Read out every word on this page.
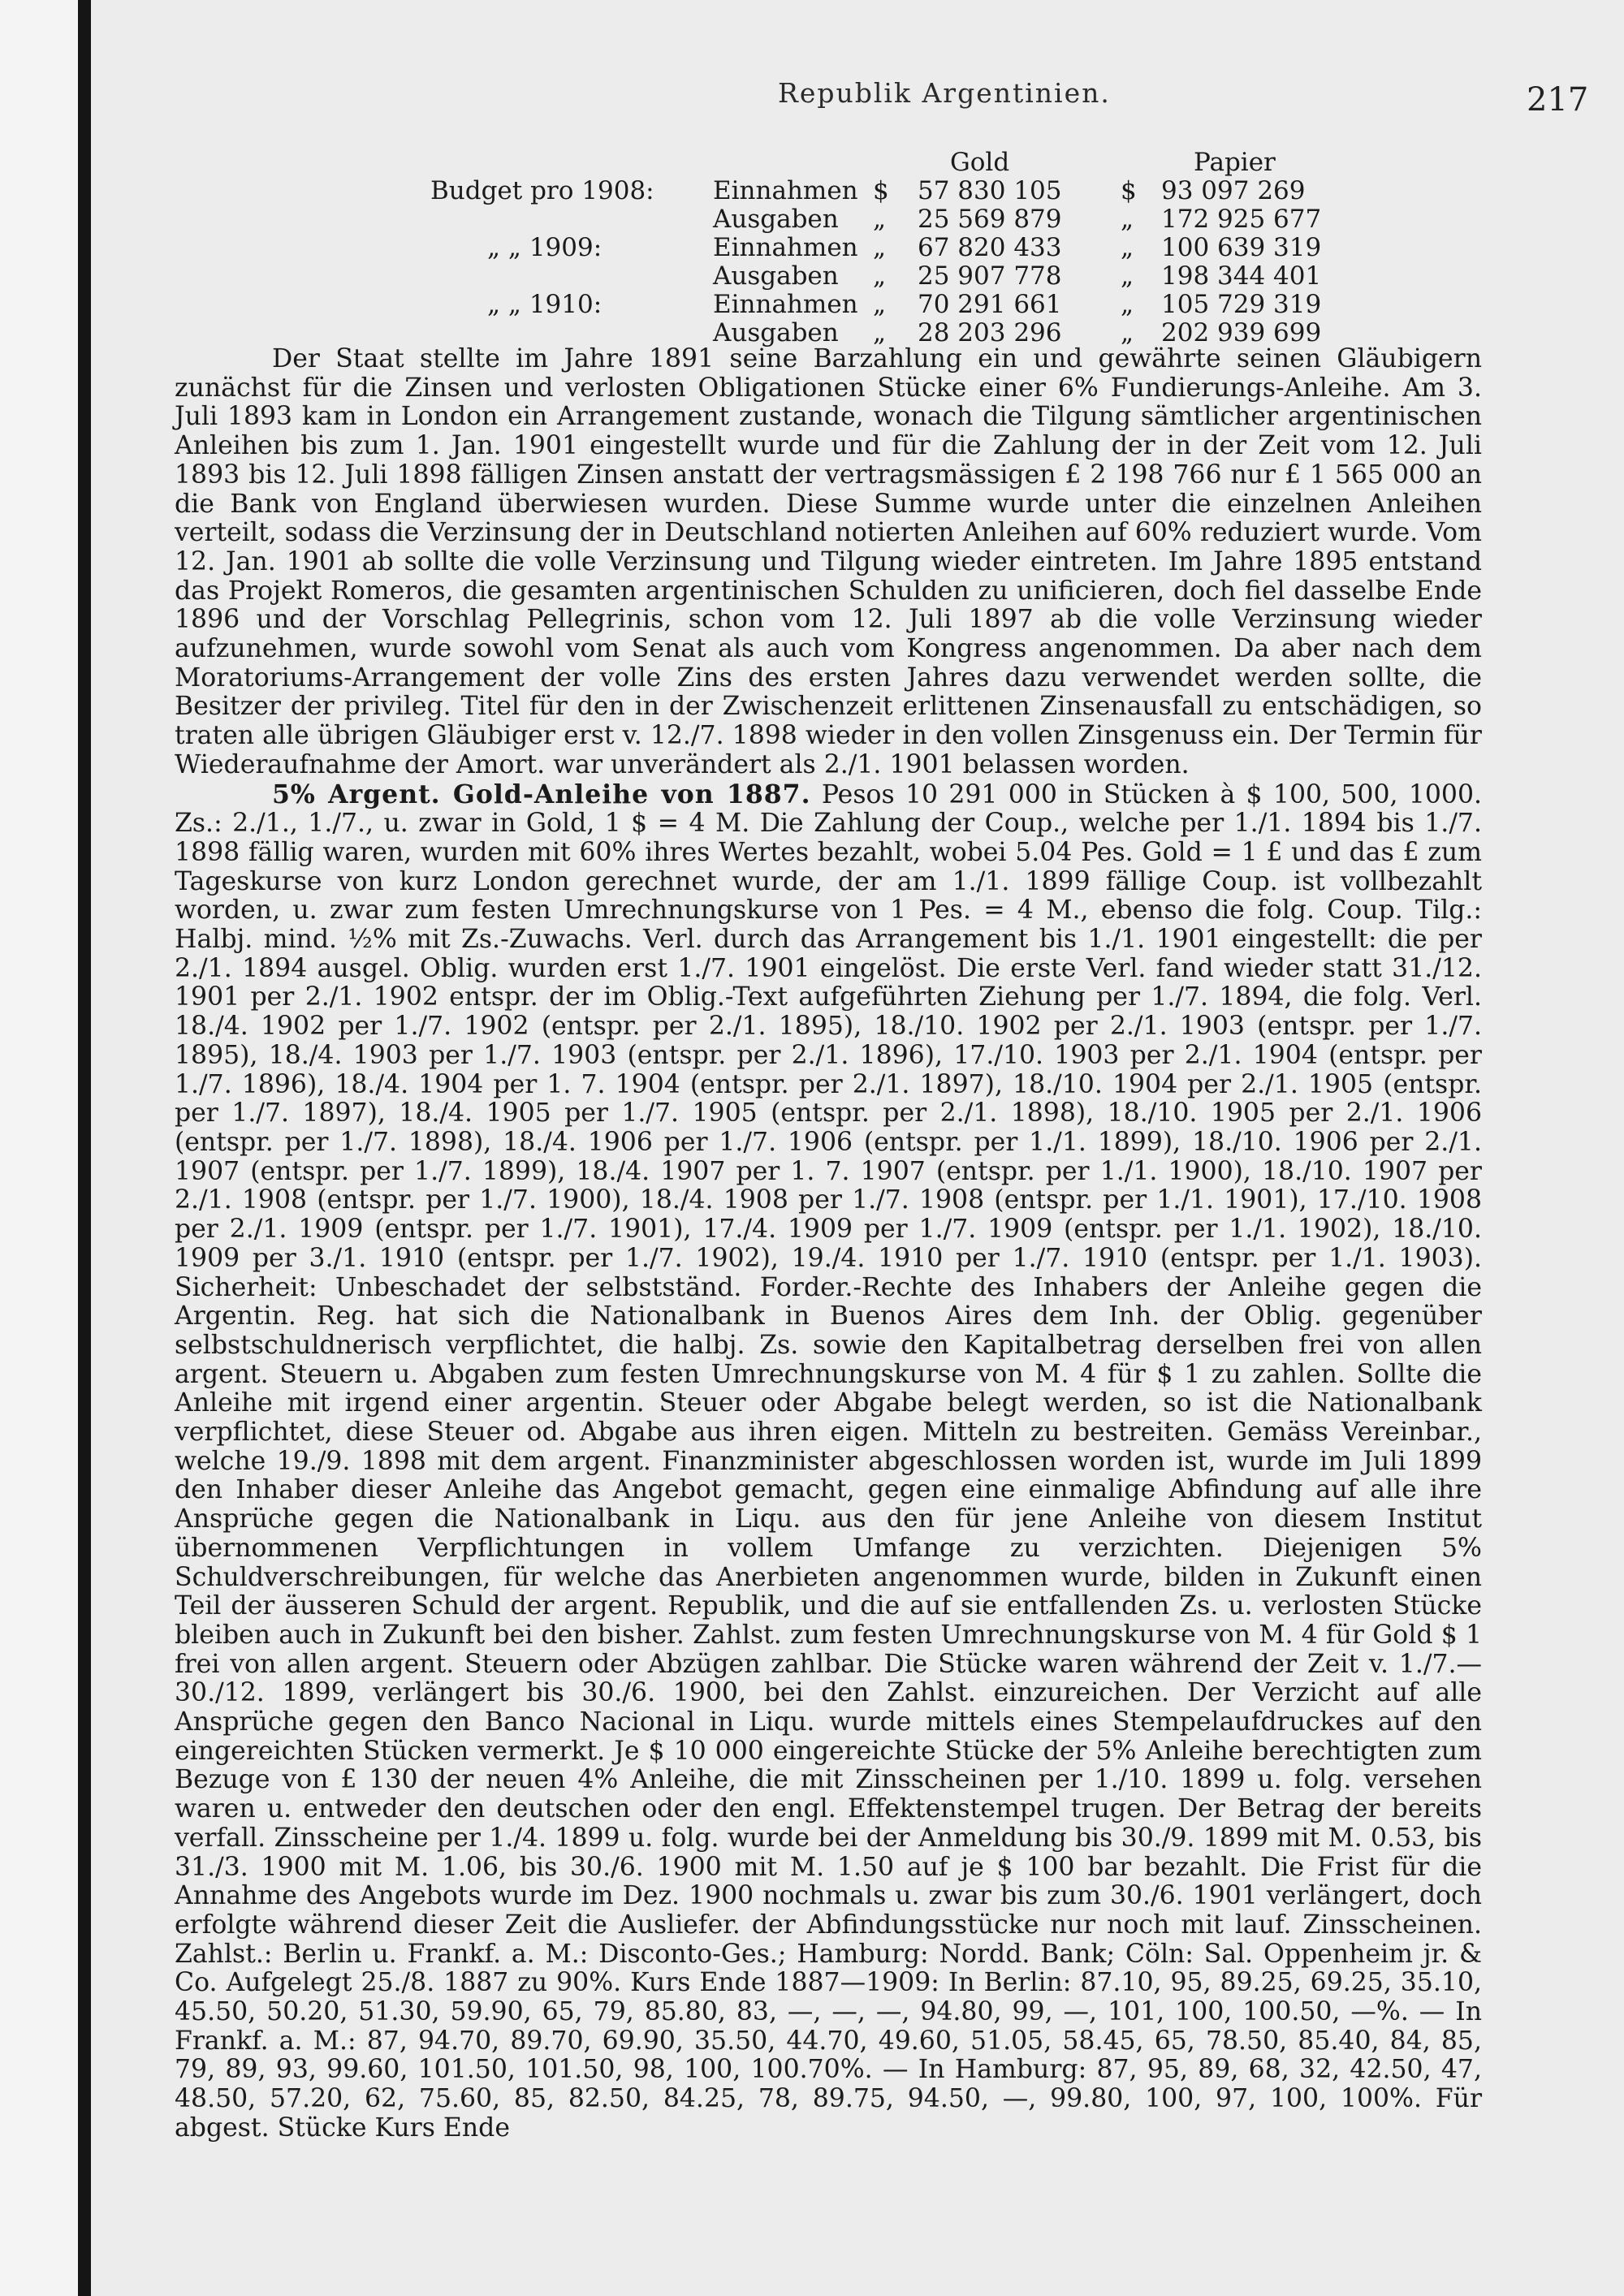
Republik Argentinien.	217
Gold	Papier
Budget pro 1908: Einnahmen $ 57 830 105 $ 93 097 269
Ausgaben „ 25 569 879 „ 172 925 677
„ „ 1909:	Einnahmen „ 67 820 433 „ 100 639 319
Ausgaben „ 25 907 778 „ 198 344 401
„ „ 1910:	Einnahmen „ 70 291 661 „ 105 729 319
Ausgaben „ 28 203 296 „ 202 939 699

Der Staat stellte im Jahre 1891 seine Barzahlung ein und gewährte seinen Gläubigern zunächst für die Zinsen und verlosten Obligationen Stücke einer 6% Fundierungs-Anleihe. Am 3. Juli 1893 kam in London ein Arrangement zustande, wonach die Tilgung sämtlicher argentinischen Anleihen bis zum 1. Jan. 1901 eingestellt wurde und für die Zahlung der in der Zeit vom 12. Juli 1893 bis 12. Juli 1898 fälligen Zinsen anstatt der vertragsmässigen £ 2 198 766 nur £ 1 565 000 an die Bank von England überwiesen wurden. Diese Summe wurde unter die einzelnen Anleihen verteilt, sodass die Verzinsung der in Deutschland notierten Anleihen auf 60% reduziert wurde. Vom 12. Jan. 1901 ab sollte die volle Verzinsung und Tilgung wieder eintreten. Im Jahre 1895 entstand das Projekt Romeros, die gesamten argentinischen Schulden zu unificieren, doch fiel dasselbe Ende 1896 und der Vorschlag Pellegrinis, schon vom 12. Juli 1897 ab die volle Verzinsung wieder aufzunehmen, wurde sowohl vom Senat als auch vom Kongress angenommen. Da aber nach dem Moratoriums-Arrangement der volle Zins des ersten Jahres dazu verwendet werden sollte, die Besitzer der privileg. Titel für den in der Zwischenzeit erlittenen Zinsenausfall zu entschädigen, so traten alle übrigen Gläubiger erst v. 12./7. 1898 wieder in den vollen Zinsgenuss ein. Der Termin für Wiederaufnahme der Amort. war unverändert als 2./1. 1901 belassen worden.

5% Argent. Gold-Anleihe von 1887. Pesos 10 291 000 in Stücken à $ 100, 500, 1000. Zs.: 2./1., 1./7., u. zwar in Gold, 1 $ = 4 M. Die Zahlung der Coup., welche per 1./1. 1894 bis 1./7. 1898 fällig waren, wurden mit 60% ihres Wertes bezahlt, wobei 5.04 Pes. Gold = 1 £ und das £ zum Tageskurse von kurz London gerechnet wurde, der am 1./1. 1899 fällige Coup. ist vollbezahlt worden, u. zwar zum festen Umrechnungskurse von 1 Pes. = 4 M., ebenso die folg. Coup. Tilg.: Halbj. mind. ½% mit Zs.-Zuwachs. Verl. durch das Arrangement bis 1./1. 1901 eingestellt: die per 2./1. 1894 ausgel. Oblig. wurden erst 1./7. 1901 eingelöst. Die erste Verl. fand wieder statt 31./12. 1901 per 2./1. 1902 entspr. der im Oblig.-Text aufgeführten Ziehung per 1./7. 1894, die folg. Verl. 18./4. 1902 per 1./7. 1902 (entspr. per 2./1. 1895), 18./10. 1902 per 2./1. 1903 (entspr. per 1./7. 1895), 18./4. 1903 per 1./7. 1903 (entspr. per 2./1. 1896), 17./10. 1903 per 2./1. 1904 (entspr. per 1./7. 1896), 18./4. 1904 per 1. 7. 1904 (entspr. per 2./1. 1897), 18./10. 1904 per 2./1. 1905 (entspr. per 1./7. 1897), 18./4. 1905 per 1./7. 1905 (entspr. per 2./1. 1898), 18./10. 1905 per 2./1. 1906 (entspr. per 1./7. 1898), 18./4. 1906 per 1./7. 1906 (entspr. per 1./1. 1899), 18./10. 1906 per 2./1. 1907 (entspr. per 1./7. 1899), 18./4. 1907 per 1. 7. 1907 (entspr. per 1./1. 1900), 18./10. 1907 per 2./1. 1908 (entspr. per 1./7. 1900), 18./4. 1908 per 1./7. 1908 (entspr. per 1./1. 1901), 17./10. 1908 per 2./1. 1909 (entspr. per 1./7. 1901), 17./4. 1909 per 1./7. 1909 (entspr. per 1./1. 1902), 18./10. 1909 per 3./1. 1910 (entspr. per 1./7. 1902), 19./4. 1910 per 1./7. 1910 (entspr. per 1./1. 1903). Sicherheit: Unbeschadet der selbstständ. Forder.-Rechte des Inhabers der Anleihe gegen die Argentin. Reg. hat sich die Nationalbank in Buenos Aires dem Inh. der Oblig. gegenüber selbstschuldnerisch verpflichtet, die halbj. Zs. sowie den Kapitalbetrag derselben frei von allen argent. Steuern u. Abgaben zum festen Umrechnungskurse von M. 4 für $ 1 zu zahlen. Sollte die Anleihe mit irgend einer argentin. Steuer oder Abgabe belegt werden, so ist die Nationalbank verpflichtet, diese Steuer od. Abgabe aus ihren eigen. Mitteln zu bestreiten. Gemäss Vereinbar., welche 19./9. 1898 mit dem argent. Finanzminister abgeschlossen worden ist, wurde im Juli 1899 den Inhaber dieser Anleihe das Angebot gemacht, gegen eine einmalige Abfindung auf alle ihre Ansprüche gegen die Nationalbank in Liqu. aus den für jene Anleihe von diesem Institut übernommenen Verpflichtungen in vollem Umfange zu verzichten. Diejenigen 5% Schuldverschreibungen, für welche das Anerbieten angenommen wurde, bilden in Zukunft einen Teil der äusseren Schuld der argent. Republik, und die auf sie entfallenden Zs. u. verlosten Stücke bleiben auch in Zukunft bei den bisher. Zahlst. zum festen Umrechnungskurse von M. 4 für Gold $ 1 frei von allen argent. Steuern oder Abzügen zahlbar. Die Stücke waren während der Zeit v. 1./7.—30./12. 1899, verlängert bis 30./6. 1900, bei den Zahlst. einzureichen. Der Verzicht auf alle Ansprüche gegen den Banco Nacional in Liqu. wurde mittels eines Stempelaufdruckes auf den eingereichten Stücken vermerkt. Je $ 10 000 eingereichte Stücke der 5% Anleihe berechtigten zum Bezuge von £ 130 der neuen 4% Anleihe, die mit Zinsscheinen per 1./10. 1899 u. folg. versehen waren u. entweder den deutschen oder den engl. Effektenstempel trugen. Der Betrag der bereits verfall. Zinsscheine per 1./4. 1899 u. folg. wurde bei der Anmeldung bis 30./9. 1899 mit M. 0.53, bis 31./3. 1900 mit M. 1.06, bis 30./6. 1900 mit M. 1.50 auf je $ 100 bar bezahlt. Die Frist für die Annahme des Angebots wurde im Dez. 1900 nochmals u. zwar bis zum 30./6. 1901 verlängert, doch erfolgte während dieser Zeit die Ausliefer. der Abfindungsstücke nur noch mit lauf. Zinsscheinen. Zahlst.: Berlin u. Frankf. a. M.: Disconto-Ges.; Hamburg: Nordd. Bank; Cöln: Sal. Oppenheim jr. & Co. Aufgelegt 25./8. 1887 zu 90%. Kurs Ende 1887—1909: In Berlin: 87.10, 95, 89.25, 69.25, 35.10, 45.50, 50.20, 51.30, 59.90, 65, 79, 85.80, 83, —, —, —, 94.80, 99, —, 101, 100, 100.50, —%. — In Frankf. a. M.: 87, 94.70, 89.70, 69.90, 35.50, 44.70, 49.60, 51.05, 58.45, 65, 78.50, 85.40, 84, 85, 79, 89, 93, 99.60, 101.50, 101.50, 98, 100, 100.70%. — In Hamburg: 87, 95, 89, 68, 32, 42.50, 47, 48.50, 57.20, 62, 75.60, 85, 82.50, 84.25, 78, 89.75, 94.50, —, 99.80, 100, 97, 100, 100%. Für abgest. Stücke Kurs Ende
